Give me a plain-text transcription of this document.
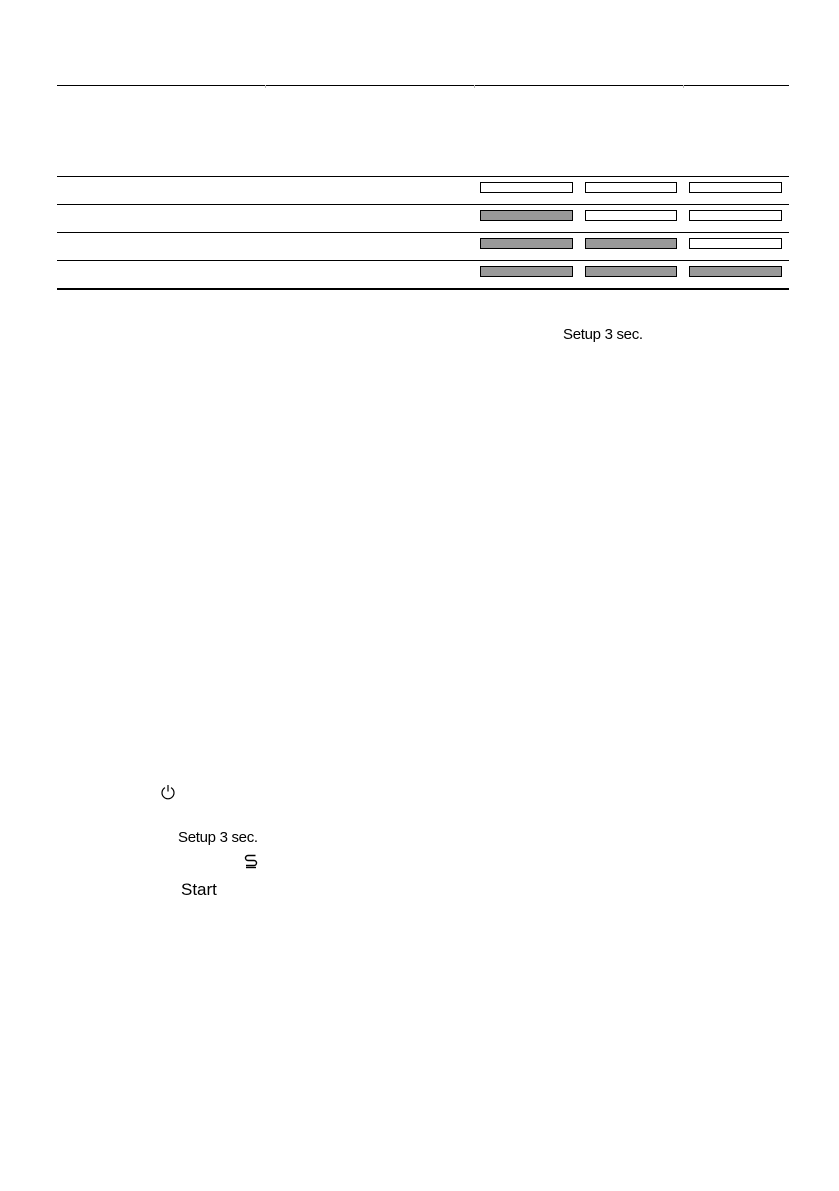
Setup 3 sec.
Setup 3 sec.
Start
